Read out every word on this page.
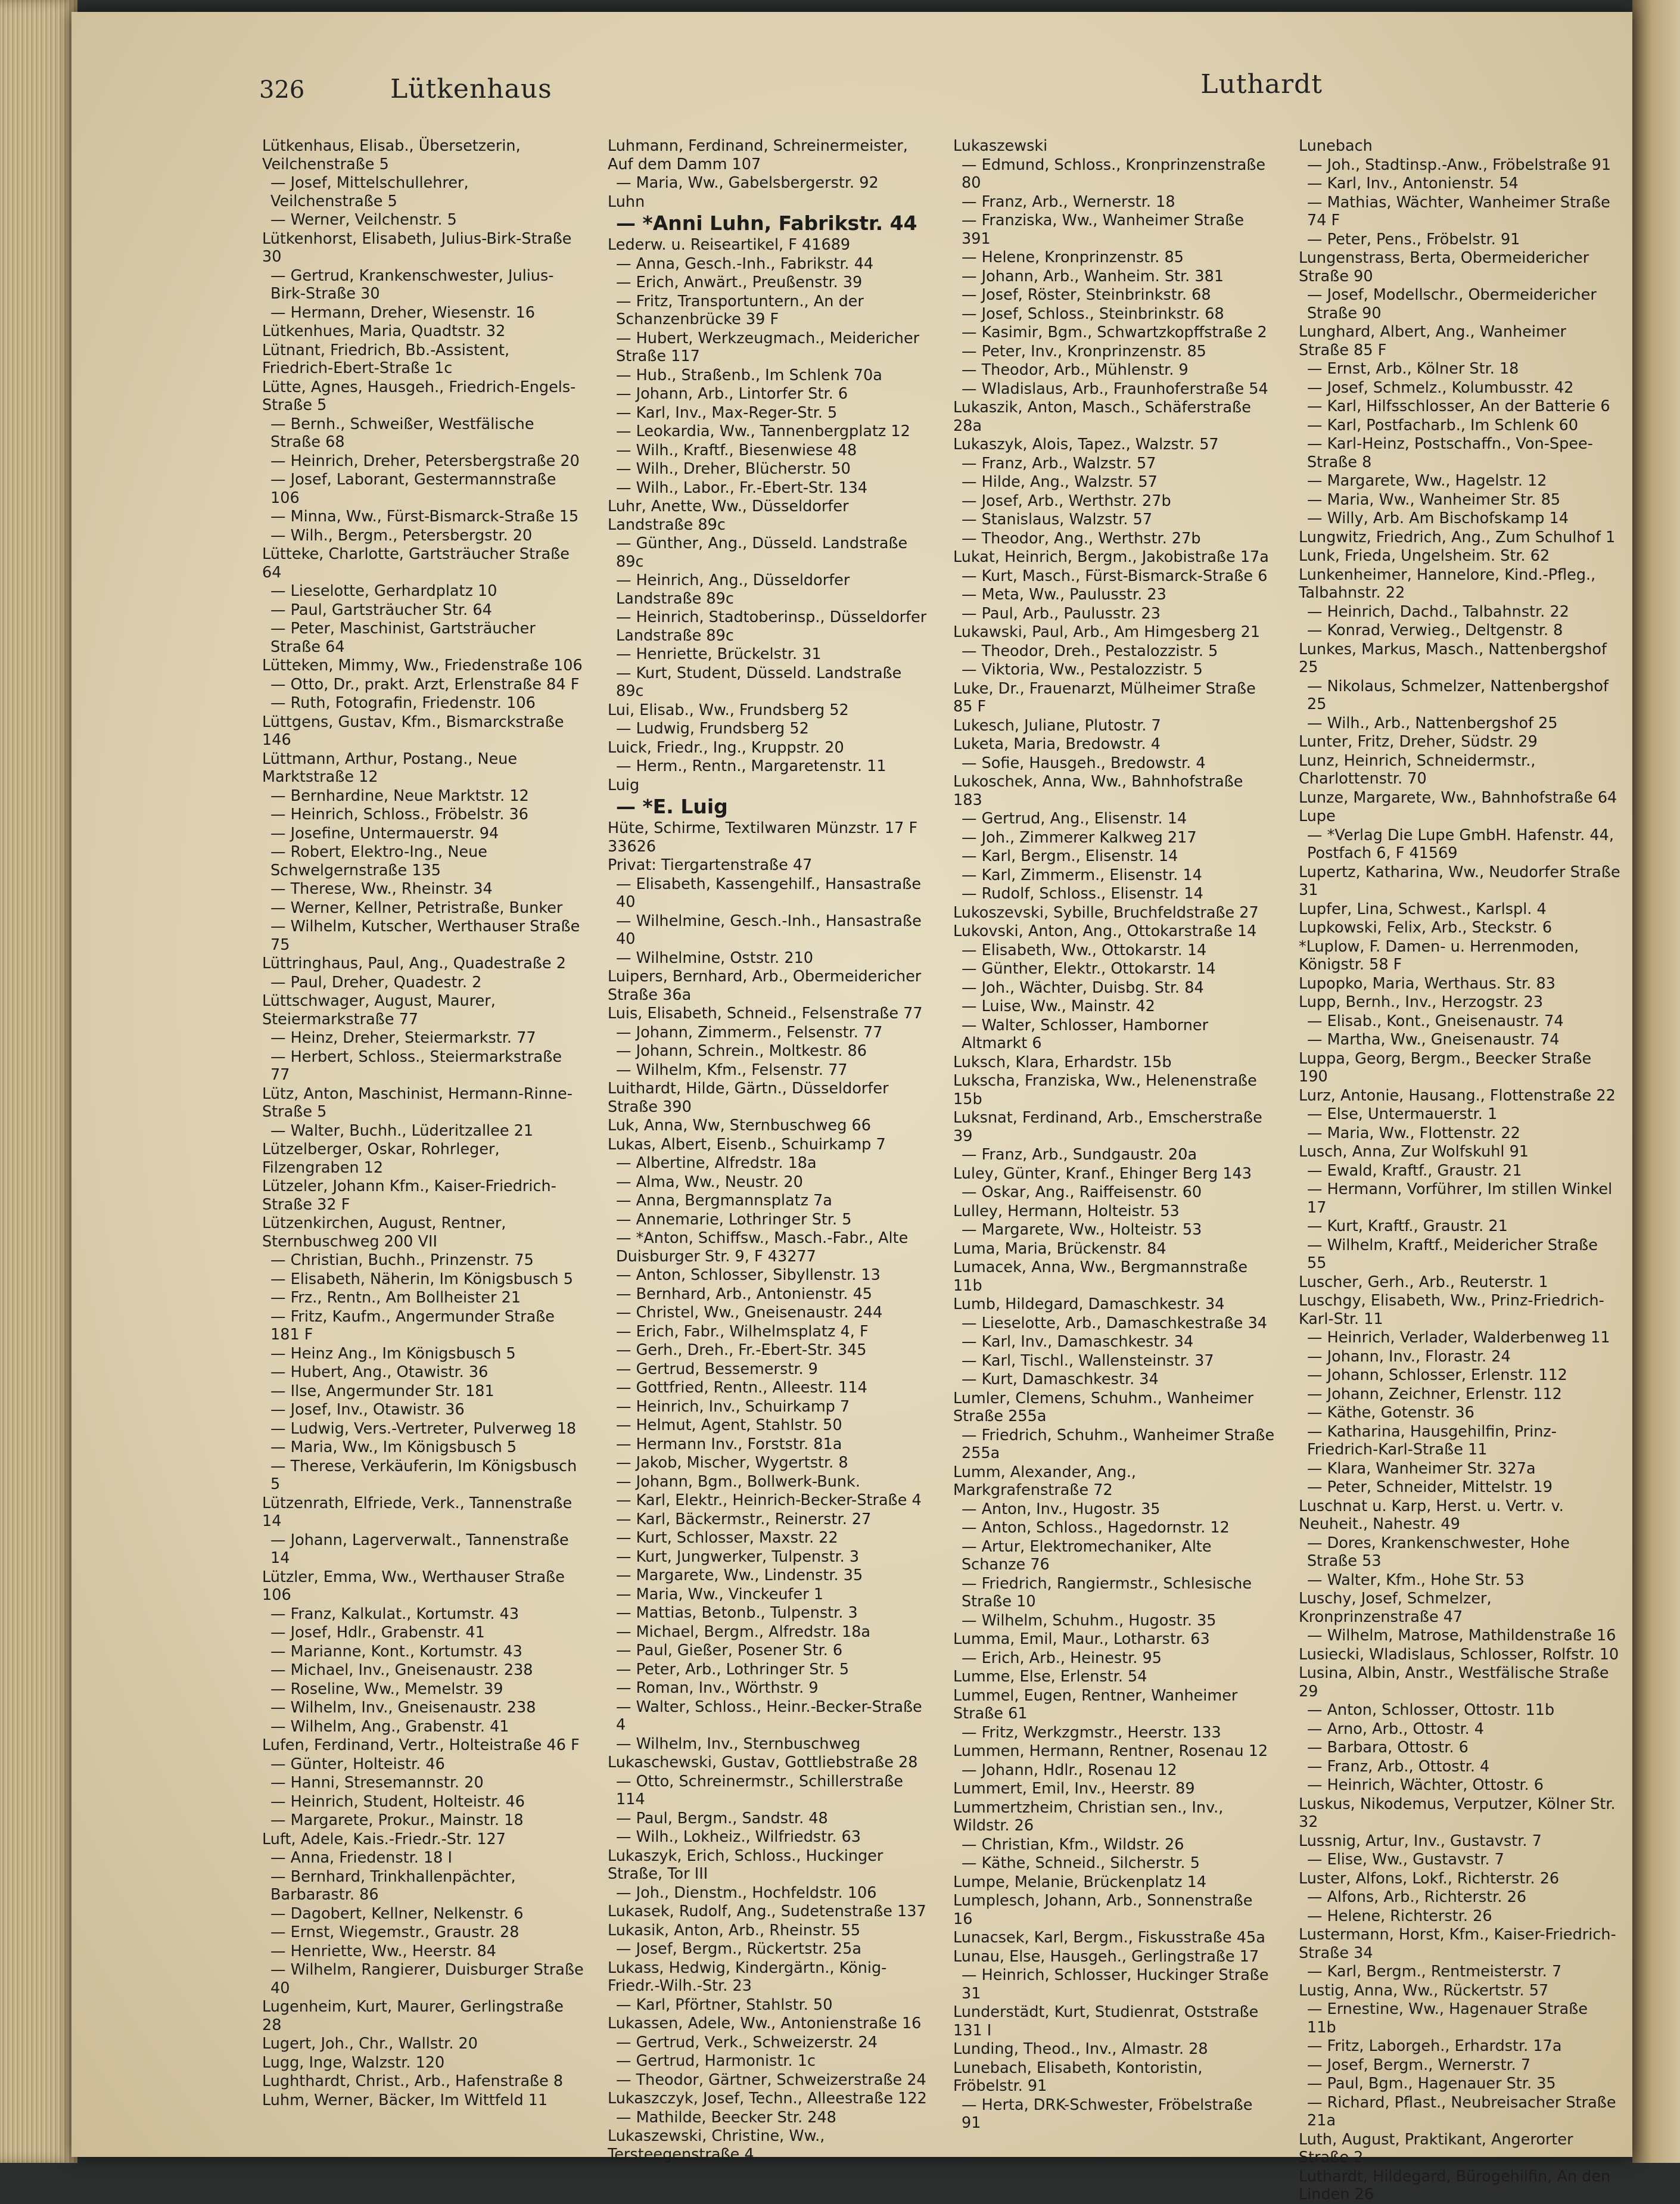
326	Lütkenhaus	Luthardt
Lütkenhaus, Elisab., Übersetzerin, Veilchenstraße 5
— Josef, Mittelschullehrer, Veilchenstraße 5
— Werner, Veilchenstr. 5
Lütkenhorst, Elisabeth, Julius-Birk-Straße 30
— Gertrud, Krankenschwester, Julius-Birk-Straße 30
— Hermann, Dreher, Wiesenstr. 16
Lütkenhues, Maria, Quadtstr. 32
Lütnant, Friedrich, Bb.-Assistent, Friedrich-Ebert-Straße 1c
Lütte, Agnes, Hausgeh., Friedrich-Engels-Straße 5
— Bernh., Schweißer, Westfälische Straße 68
— Heinrich, Dreher, Petersbergstraße 20
— Josef, Laborant, Gestermannstraße 106
— Minna, Ww., Fürst-Bismarck-Straße 15
— Wilh., Bergm., Petersbergstr. 20
Lütteke, Charlotte, Gartsträucher Straße 64
— Lieselotte, Gerhardplatz 10
— Paul, Gartsträucher Str. 64
— Peter, Maschinist, Gartsträucher Straße 64
Lütteken, Mimmy, Ww., Friedenstraße 106
— Otto, Dr., prakt. Arzt, Erlenstraße 84 F
— Ruth, Fotografin, Friedenstr. 106
Lüttgens, Gustav, Kfm., Bismarckstraße 146
Lüttmann, Arthur, Postang., Neue Marktstraße 12
— Bernhardine, Neue Marktstr. 12
— Heinrich, Schloss., Fröbelstr. 36
— Josefine, Untermauerstr. 94
— Robert, Elektro-Ing., Neue Schwelgernstraße 135
— Therese, Ww., Rheinstr. 34
— Werner, Kellner, Petristraße, Bunker
— Wilhelm, Kutscher, Werthauser Straße 75
Lüttringhaus, Paul, Ang., Quadestraße 2
— Paul, Dreher, Quadestr. 2
Lüttschwager, August, Maurer, Steiermarkstraße 77
— Heinz, Dreher, Steiermarkstr. 77
— Herbert, Schloss., Steiermarkstraße 77
Lütz, Anton, Maschinist, Hermann-Rinne-Straße 5
— Walter, Buchh., Lüderitzallee 21
Lützelberger, Oskar, Rohrleger, Filzengraben 12
Lützeler, Johann Kfm., Kaiser-Friedrich-Straße 32 F
Lützenkirchen, August, Rentner, Sternbuschweg 200 VII
— Christian, Buchh., Prinzenstr. 75
— Elisabeth, Näherin, Im Königsbusch 5
— Frz., Rentn., Am Bollheister 21
— Fritz, Kaufm., Angermunder Straße 181 F
— Heinz Ang., Im Königsbusch 5
— Hubert, Ang., Otawistr. 36
— Ilse, Angermunder Str. 181
— Josef, Inv., Otawistr. 36
— Ludwig, Vers.-Vertreter, Pulverweg 18
— Maria, Ww., Im Königsbusch 5
— Therese, Verkäuferin, Im Königsbusch 5
Lützenrath, Elfriede, Verk., Tannenstraße 14
— Johann, Lagerverwalt., Tannenstraße 14
Lützler, Emma, Ww., Werthauser Straße 106
— Franz, Kalkulat., Kortumstr. 43
— Josef, Hdlr., Grabenstr. 41
— Marianne, Kont., Kortumstr. 43
— Michael, Inv., Gneisenaustr. 238
— Roseline, Ww., Memelstr. 39
— Wilhelm, Inv., Gneisenaustr. 238
— Wilhelm, Ang., Grabenstr. 41
Lufen, Ferdinand, Vertr., Holteistraße 46 F
— Günter, Holteistr. 46
— Hanni, Stresemannstr. 20
— Heinrich, Student, Holteistr. 46
— Margarete, Prokur., Mainstr. 18
Luft, Adele, Kais.-Friedr.-Str. 127
— Anna, Friedenstr. 18 I
— Bernhard, Trinkhallenpächter, Barbarastr. 86
— Dagobert, Kellner, Nelkenstr. 6
— Ernst, Wiegemstr., Graustr. 28
— Henriette, Ww., Heerstr. 84
— Wilhelm, Rangierer, Duisburger Straße 40
Lugenheim, Kurt, Maurer, Gerlingstraße 28
Lugert, Joh., Chr., Wallstr. 20
Lugg, Inge, Walzstr. 120
Lughthardt, Christ., Arb., Hafenstraße 8
Luhm, Werner, Bäcker, Im Wittfeld 11
Luhmann, Ferdinand, Schreinermeister, Auf dem Damm 107
— Maria, Ww., Gabelsbergerstr. 92
Luhn
— *Anni Luhn, Fabrikstr. 44
Lederw. u. Reiseartikel, F 41689
— Anna, Gesch.-Inh., Fabrikstr. 44
— Erich, Anwärt., Preußenstr. 39
— Fritz, Transportuntern., An der Schanzenbrücke 39 F
— Hubert, Werkzeugmach., Meidericher Straße 117
— Hub., Straßenb., Im Schlenk 70a
— Johann, Arb., Lintorfer Str. 6
— Karl, Inv., Max-Reger-Str. 5
— Leokardia, Ww., Tannenbergplatz 12
— Wilh., Kraftf., Biesenwiese 48
— Wilh., Dreher, Blücherstr. 50
— Wilh., Labor., Fr.-Ebert-Str. 134
Luhr, Anette, Ww., Düsseldorfer Landstraße 89c
— Günther, Ang., Düsseld. Landstraße 89c
— Heinrich, Ang., Düsseldorfer Landstraße 89c
— Heinrich, Stadtoberinsp., Düsseldorfer Landstraße 89c
— Henriette, Brückelstr. 31
— Kurt, Student, Düsseld. Landstraße 89c
Lui, Elisab., Ww., Frundsberg 52
— Ludwig, Frundsberg 52
Luick, Friedr., Ing., Kruppstr. 20
— Herm., Rentn., Margaretenstr. 11
Luig
— *E. Luig
Hüte, Schirme, Textilwaren Münzstr. 17 F 33626
Privat: Tiergartenstraße 47
— Elisabeth, Kassengehilf., Hansastraße 40
— Wilhelmine, Gesch.-Inh., Hansastraße 40
— Wilhelmine, Oststr. 210
Luipers, Bernhard, Arb., Obermeidericher Straße 36a
Luis, Elisabeth, Schneid., Felsenstraße 77
— Johann, Zimmerm., Felsenstr. 77
— Johann, Schrein., Moltkestr. 86
— Wilhelm, Kfm., Felsenstr. 77
Luithardt, Hilde, Gärtn., Düsseldorfer Straße 390
Luk, Anna, Ww, Sternbuschweg 66
Lukas, Albert, Eisenb., Schuirkamp 7
— Albertine, Alfredstr. 18a
— Alma, Ww., Neustr. 20
— Anna, Bergmannsplatz 7a
— Annemarie, Lothringer Str. 5
— *Anton, Schiffsw., Masch.-Fabr., Alte Duisburger Str. 9, F 43277
— Anton, Schlosser, Sibyllenstr. 13
— Bernhard, Arb., Antonienstr. 45
— Christel, Ww., Gneisenaustr. 244
— Erich, Fabr., Wilhelmsplatz 4, F
— Gerh., Dreh., Fr.-Ebert-Str. 345
— Gertrud, Bessemerstr. 9
— Gottfried, Rentn., Alleestr. 114
— Heinrich, Inv., Schuirkamp 7
— Helmut, Agent, Stahlstr. 50
— Hermann Inv., Forststr. 81a
— Jakob, Mischer, Wygertstr. 8
— Johann, Bgm., Bollwerk-Bunk.
— Karl, Elektr., Heinrich-Becker-Straße 4
— Karl, Bäckermstr., Reinerstr. 27
— Kurt, Schlosser, Maxstr. 22
— Kurt, Jungwerker, Tulpenstr. 3
— Margarete, Ww., Lindenstr. 35
— Maria, Ww., Vinckeufer 1
— Mattias, Betonb., Tulpenstr. 3
— Michael, Bergm., Alfredstr. 18a
— Paul, Gießer, Posener Str. 6
— Peter, Arb., Lothringer Str. 5
— Roman, Inv., Wörthstr. 9
— Walter, Schloss., Heinr.-Becker-Straße 4
— Wilhelm, Inv., Sternbuschweg
Lukaschewski, Gustav, Gottliebstraße 28
— Otto, Schreinermstr., Schillerstraße 114
— Paul, Bergm., Sandstr. 48
— Wilh., Lokheiz., Wilfriedstr. 63
Lukaszyk, Erich, Schloss., Huckinger Straße, Tor III
— Joh., Dienstm., Hochfeldstr. 106
Lukasek, Rudolf, Ang., Sudetenstraße 137
Lukasik, Anton, Arb., Rheinstr. 55
— Josef, Bergm., Rückertstr. 25a
Lukass, Hedwig, Kindergärtn., König-Friedr.-Wilh.-Str. 23
— Karl, Pförtner, Stahlstr. 50
Lukassen, Adele, Ww., Antonienstraße 16
— Gertrud, Verk., Schweizerstr. 24
— Gertrud, Harmonistr. 1c
— Theodor, Gärtner, Schweizerstraße 24
Lukaszczyk, Josef, Techn., Alleestraße 122
— Mathilde, Beecker Str. 248
Lukaszewski, Christine, Ww., Tersteegenstraße 4
Lukaszewski
— Edmund, Schloss., Kronprinzenstraße 80
— Franz, Arb., Wernerstr. 18
— Franziska, Ww., Wanheimer Straße 391
— Helene, Kronprinzenstr. 85
— Johann, Arb., Wanheim. Str. 381
— Josef, Röster, Steinbrinkstr. 68
— Josef, Schloss., Steinbrinkstr. 68
— Kasimir, Bgm., Schwartzkopffstraße 2
— Peter, Inv., Kronprinzenstr. 85
— Theodor, Arb., Mühlenstr. 9
— Wladislaus, Arb., Fraunhoferstraße 54
Lukaszik, Anton, Masch., Schäferstraße 28a
Lukaszyk, Alois, Tapez., Walzstr. 57
— Franz, Arb., Walzstr. 57
— Hilde, Ang., Walzstr. 57
— Josef, Arb., Werthstr. 27b
— Stanislaus, Walzstr. 57
— Theodor, Ang., Werthstr. 27b
Lukat, Heinrich, Bergm., Jakobistraße 17a
— Kurt, Masch., Fürst-Bismarck-Straße 6
— Meta, Ww., Paulusstr. 23
— Paul, Arb., Paulusstr. 23
Lukawski, Paul, Arb., Am Himgesberg 21
— Theodor, Dreh., Pestalozzistr. 5
— Viktoria, Ww., Pestalozzistr. 5
Luke, Dr., Frauenarzt, Mülheimer Straße 85 F
Lukesch, Juliane, Plutostr. 7
Luketa, Maria, Bredowstr. 4
— Sofie, Hausgeh., Bredowstr. 4
Lukoschek, Anna, Ww., Bahnhofstraße 183
— Gertrud, Ang., Elisenstr. 14
— Joh., Zimmerer Kalkweg 217
— Karl, Bergm., Elisenstr. 14
— Karl, Zimmerm., Elisenstr. 14
— Rudolf, Schloss., Elisenstr. 14
Lukoszevski, Sybille, Bruchfeldstraße 27
Lukovski, Anton, Ang., Ottokarstraße 14
— Elisabeth, Ww., Ottokarstr. 14
— Günther, Elektr., Ottokarstr. 14
— Joh., Wächter, Duisbg. Str. 84
— Luise, Ww., Mainstr. 42
— Walter, Schlosser, Hamborner Altmarkt 6
Luksch, Klara, Erhardstr. 15b
Lukscha, Franziska, Ww., Helenenstraße 15b
Luksnat, Ferdinand, Arb., Emscherstraße 39
— Franz, Arb., Sundgaustr. 20a
Luley, Günter, Kranf., Ehinger Berg 143
— Oskar, Ang., Raiffeisenstr. 60
Lulley, Hermann, Holteistr. 53
— Margarete, Ww., Holteistr. 53
Luma, Maria, Brückenstr. 84
Lumacek, Anna, Ww., Bergmannstraße 11b
Lumb, Hildegard, Damaschkestr. 34
— Lieselotte, Arb., Damaschkestraße 34
— Karl, Inv., Damaschkestr. 34
— Karl, Tischl., Wallensteinstr. 37
— Kurt, Damaschkestr. 34
Lumler, Clemens, Schuhm., Wanheimer Straße 255a
— Friedrich, Schuhm., Wanheimer Straße 255a
Lumm, Alexander, Ang., Markgrafenstraße 72
— Anton, Inv., Hugostr. 35
— Anton, Schloss., Hagedornstr. 12
— Artur, Elektromechaniker, Alte Schanze 76
— Friedrich, Rangiermstr., Schlesische Straße 10
— Wilhelm, Schuhm., Hugostr. 35
Lumma, Emil, Maur., Lotharstr. 63
— Erich, Arb., Heinestr. 95
Lumme, Else, Erlenstr. 54
Lummel, Eugen, Rentner, Wanheimer Straße 61
— Fritz, Werkzgmstr., Heerstr. 133
Lummen, Hermann, Rentner, Rosenau 12
— Johann, Hdlr., Rosenau 12
Lummert, Emil, Inv., Heerstr. 89
Lummertzheim, Christian sen., Inv., Wildstr. 26
— Christian, Kfm., Wildstr. 26
— Käthe, Schneid., Silcherstr. 5
Lumpe, Melanie, Brückenplatz 14
Lumplesch, Johann, Arb., Sonnenstraße 16
Lunacsek, Karl, Bergm., Fiskusstraße 45a
Lunau, Else, Hausgeh., Gerlingstraße 17
— Heinrich, Schlosser, Huckinger Straße 31
Lunderstädt, Kurt, Studienrat, Oststraße 131 I
Lunding, Theod., Inv., Almastr. 28
Lunebach, Elisabeth, Kontoristin, Fröbelstr. 91
— Herta, DRK-Schwester, Fröbelstraße 91
Lunebach
— Joh., Stadtinsp.-Anw., Fröbelstraße 91
— Karl, Inv., Antonienstr. 54
— Mathias, Wächter, Wanheimer Straße 74 F
— Peter, Pens., Fröbelstr. 91
Lungenstrass, Berta, Obermeidericher Straße 90
— Josef, Modellschr., Obermeidericher Straße 90
Lunghard, Albert, Ang., Wanheimer Straße 85 F
— Ernst, Arb., Kölner Str. 18
— Josef, Schmelz., Kolumbusstr. 42
— Karl, Hilfsschlosser, An der Batterie 6
— Karl, Postfacharb., Im Schlenk 60
— Karl-Heinz, Postschaffn., Von-Spee-Straße 8
— Margarete, Ww., Hagelstr. 12
— Maria, Ww., Wanheimer Str. 85
— Willy, Arb. Am Bischofskamp 14
Lungwitz, Friedrich, Ang., Zum Schulhof 1
Lunk, Frieda, Ungelsheim. Str. 62
Lunkenheimer, Hannelore, Kind.-Pfleg., Talbahnstr. 22
— Heinrich, Dachd., Talbahnstr. 22
— Konrad, Verwieg., Deltgenstr. 8
Lunkes, Markus, Masch., Nattenbergshof 25
— Nikolaus, Schmelzer, Nattenbergshof 25
— Wilh., Arb., Nattenbergshof 25
Lunter, Fritz, Dreher, Südstr. 29
Lunz, Heinrich, Schneidermstr., Charlottenstr. 70
Lunze, Margarete, Ww., Bahnhofstraße 64
Lupe
— *Verlag Die Lupe GmbH. Hafenstr. 44, Postfach 6, F 41569
Lupertz, Katharina, Ww., Neudorfer Straße 31
Lupfer, Lina, Schwest., Karlspl. 4
Lupkowski, Felix, Arb., Steckstr. 6
*Luplow, F. Damen- u. Herrenmoden, Königstr. 58 F
Lupopko, Maria, Werthaus. Str. 83
Lupp, Bernh., Inv., Herzogstr. 23
— Elisab., Kont., Gneisenaustr. 74
— Martha, Ww., Gneisenaustr. 74
Luppa, Georg, Bergm., Beecker Straße 190
Lurz, Antonie, Hausang., Flottenstraße 22
— Else, Untermauerstr. 1
— Maria, Ww., Flottenstr. 22
Lusch, Anna, Zur Wolfskuhl 91
— Ewald, Kraftf., Graustr. 21
— Hermann, Vorführer, Im stillen Winkel 17
— Kurt, Kraftf., Graustr. 21
— Wilhelm, Kraftf., Meidericher Straße 55
Luscher, Gerh., Arb., Reuterstr. 1
Luschgy, Elisabeth, Ww., Prinz-Friedrich-Karl-Str. 11
— Heinrich, Verlader, Walderbenweg 11
— Johann, Inv., Florastr. 24
— Johann, Schlosser, Erlenstr. 112
— Johann, Zeichner, Erlenstr. 112
— Käthe, Gotenstr. 36
— Katharina, Hausgehilfin, Prinz-Friedrich-Karl-Straße 11
— Klara, Wanheimer Str. 327a
— Peter, Schneider, Mittelstr. 19
Luschnat u. Karp, Herst. u. Vertr. v. Neuheit., Nahestr. 49
— Dores, Krankenschwester, Hohe Straße 53
— Walter, Kfm., Hohe Str. 53
Luschy, Josef, Schmelzer, Kronprinzenstraße 47
— Wilhelm, Matrose, Mathildenstraße 16
Lusiecki, Wladislaus, Schlosser, Rolfstr. 10
Lusina, Albin, Anstr., Westfälische Straße 29
— Anton, Schlosser, Ottostr. 11b
— Arno, Arb., Ottostr. 4
— Barbara, Ottostr. 6
— Franz, Arb., Ottostr. 4
— Heinrich, Wächter, Ottostr. 6
Luskus, Nikodemus, Verputzer, Kölner Str. 32
Lussnig, Artur, Inv., Gustavstr. 7
— Elise, Ww., Gustavstr. 7
Luster, Alfons, Lokf., Richterstr. 26
— Alfons, Arb., Richterstr. 26
— Helene, Richterstr. 26
Lustermann, Horst, Kfm., Kaiser-Friedrich-Straße 34
— Karl, Bergm., Rentmeisterstr. 7
Lustig, Anna, Ww., Rückertstr. 57
— Ernestine, Ww., Hagenauer Straße 11b
— Fritz, Laborgeh., Erhardstr. 17a
— Josef, Bergm., Wernerstr. 7
— Paul, Bgm., Hagenauer Str. 35
— Richard, Pflast., Neubreisacher Straße 21a
Luth, August, Praktikant, Angerorter Straße 2
Luthardt, Hildegard, Bürogehilfin, An den Linden 26
